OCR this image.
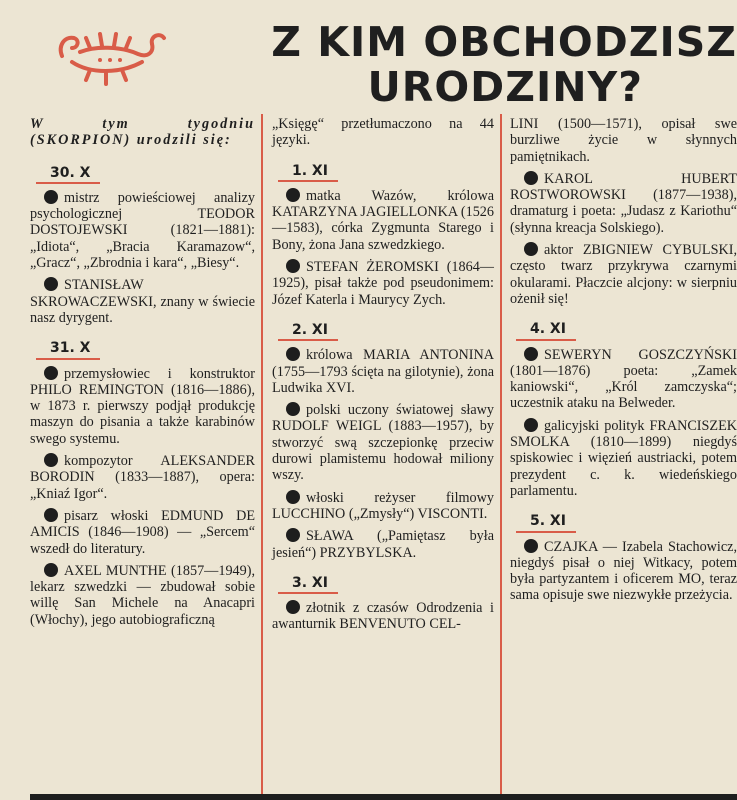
Z KIM OBCHODZISZ
URODZINY?

W tym tygodniu (SKORPION) urodzili się:

30. X

mistrz powieściowej analizy psychologicznej TEODOR DOSTOJEWSKI (1821—1881): „Idiota“, „Bracia Karamazow“, „Gracz“, „Zbrodnia i kara“, „Biesy“.

STANISŁAW SKROWACZEWSKI, znany w świecie nasz dyrygent.

31. X

przemysłowiec i konstruktor PHILO REMINGTON (1816—1886), w 1873 r. pierwszy podjął produkcję maszyn do pisania a także karabinów swego systemu.

kompozytor ALEKSANDER BORODIN (1833—1887), opera: „Kniaź Igor“.

pisarz włoski EDMUND DE AMICIS (1846—1908) — „Sercem“ wszedł do literatury.

AXEL MUNTHE (1857—1949), lekarz szwedzki — zbudował sobie willę San Michele na Anacapri (Włochy), jego autobiograficzną

„Księgę“ przetłumaczono na 44 języki.

1. XI

matka Wazów, królowa KATARZYNA JAGIELLONKA (1526—1583), córka Zygmunta Starego i Bony, żona Jana szwedzkiego.

STEFAN ŻEROMSKI (1864—1925), pisał także pod pseudonimem: Józef Katerla i Maurycy Zych.

2. XI

królowa MARIA ANTONINA (1755—1793 ścięta na gilotynie), żona Ludwika XVI.

polski uczony światowej sławy RUDOLF WEIGL (1883—1957), by stworzyć swą szczepionkę przeciw durowi plamistemu hodował miliony wszy.

włoski reżyser filmowy LUCCHINO („Zmysły“) VISCONTI.

SŁAWA („Pamiętasz była jesień“) PRZYBYLSKA.

3. XI

złotnik z czasów Odrodzenia i awanturnik BENVENUTO CEL-

LINI (1500—1571), opisał swe burzliwe życie w słynnych pamiętnikach.

KAROL HUBERT ROSTWOROWSKI (1877—1938), dramaturg i poeta: „Judasz z Kariothu“ (słynna kreacja Solskiego).

aktor ZBIGNIEW CYBULSKI, często twarz przykrywa czarnymi okularami. Płaczcie alcjony: w sierpniu ożenił się!

4. XI

SEWERYN GOSZCZYŃSKI (1801—1876) poeta: „Zamek kaniowski“, „Król zamczyska“; uczestnik ataku na Belweder.

galicyjski polityk FRANCISZEK SMOLKA (1810—1899) niegdyś spiskowiec i więzień austriacki, potem prezydent c. k. wiedeńskiego parlamentu.

5. XI

CZAJKA — Izabela Stachowicz, niegdyś pisał o niej Witkacy, potem była partyzantem i oficerem MO, teraz sama opisuje swe niezwykłe przeżycia.
